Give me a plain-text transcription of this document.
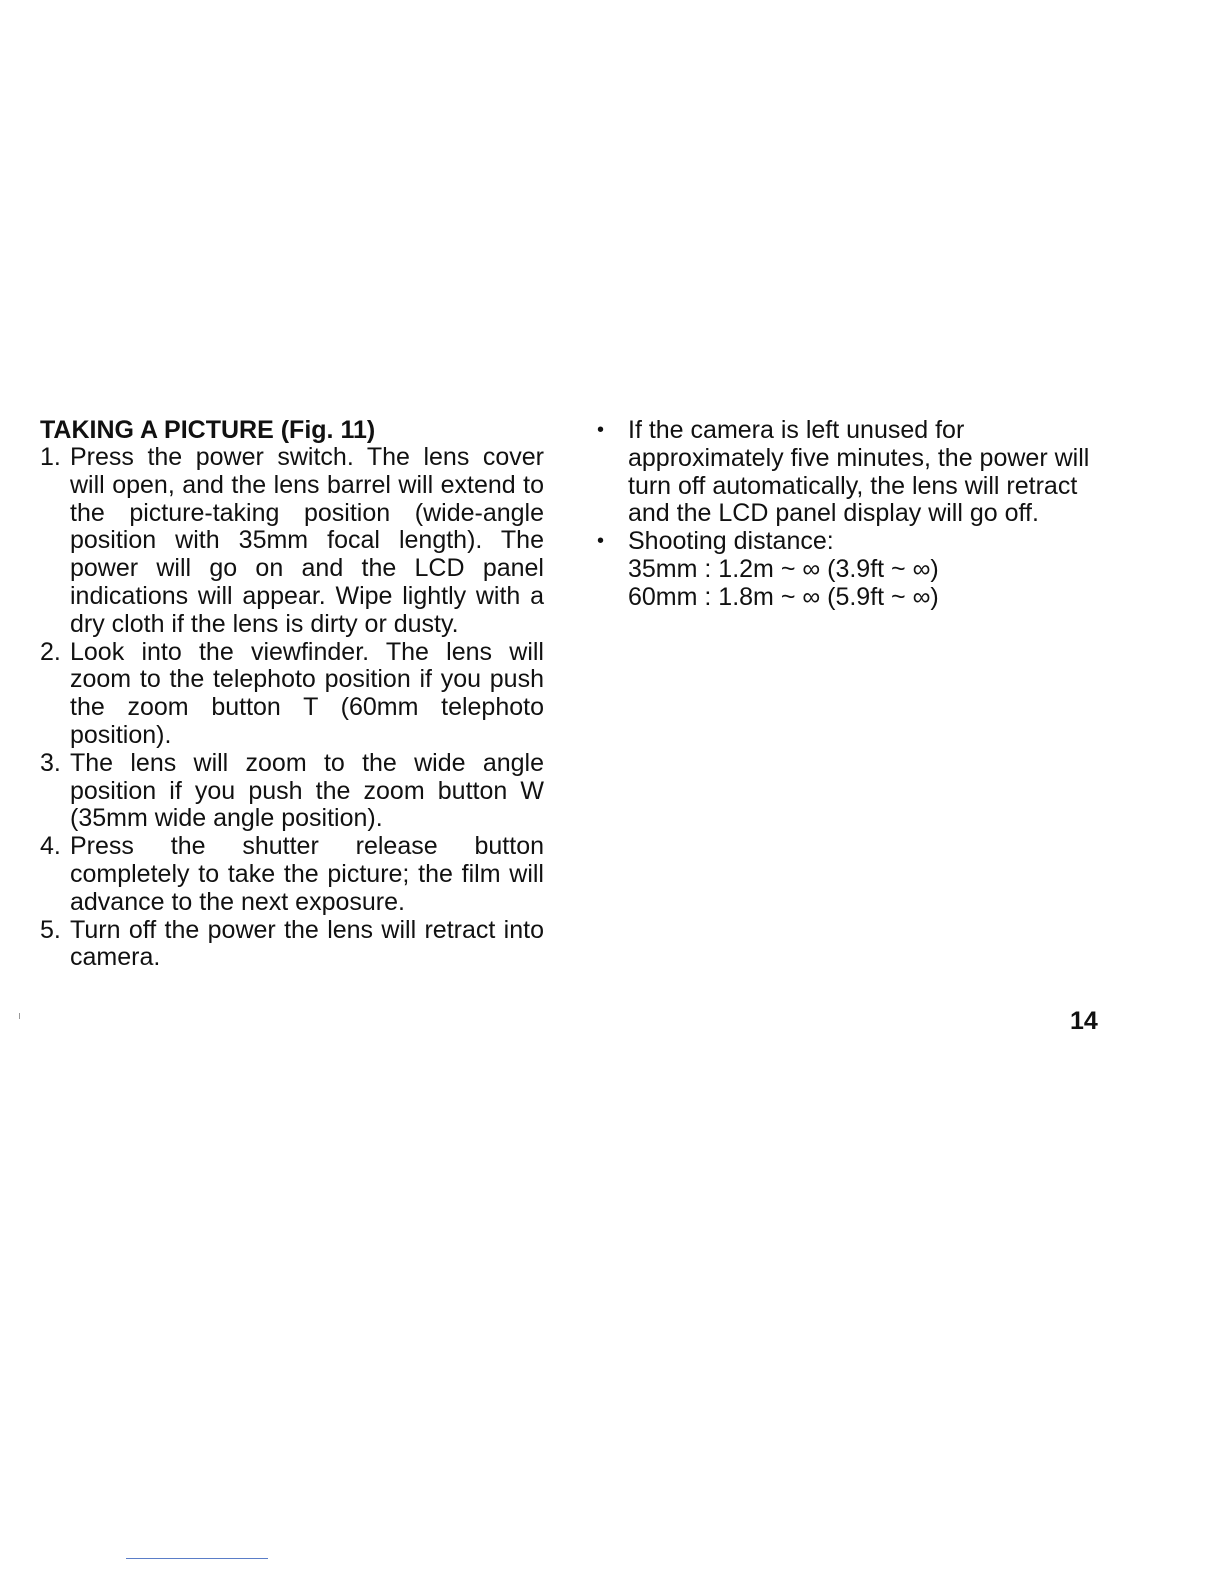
TAKING A PICTURE (Fig. 11)

1. Press the power switch. The lens cover will open, and the lens barrel will extend to the picture-taking position (wide-angle position with 35mm focal length). The power will go on and the LCD panel indications will appear. Wipe lightly with a dry cloth if the lens is dirty or dusty.
2. Look into the viewfinder. The lens will zoom to the telephoto position if you push the zoom button T (60mm telephoto position).
3. The lens will zoom to the wide angle position if you push the zoom button W (35mm wide angle position).
4. Press the shutter release button completely to take the picture; the film will advance to the next exposure.
5. Turn off the power the lens will retract into camera.
• If the camera is left unused for approximately five minutes, the power will turn off automatically, the lens will retract and the LCD panel display will go off.
• Shooting distance:
35mm : 1.2m ~ ∞ (3.9ft ~ ∞)
60mm : 1.8m ~ ∞ (5.9ft ~ ∞)
14
